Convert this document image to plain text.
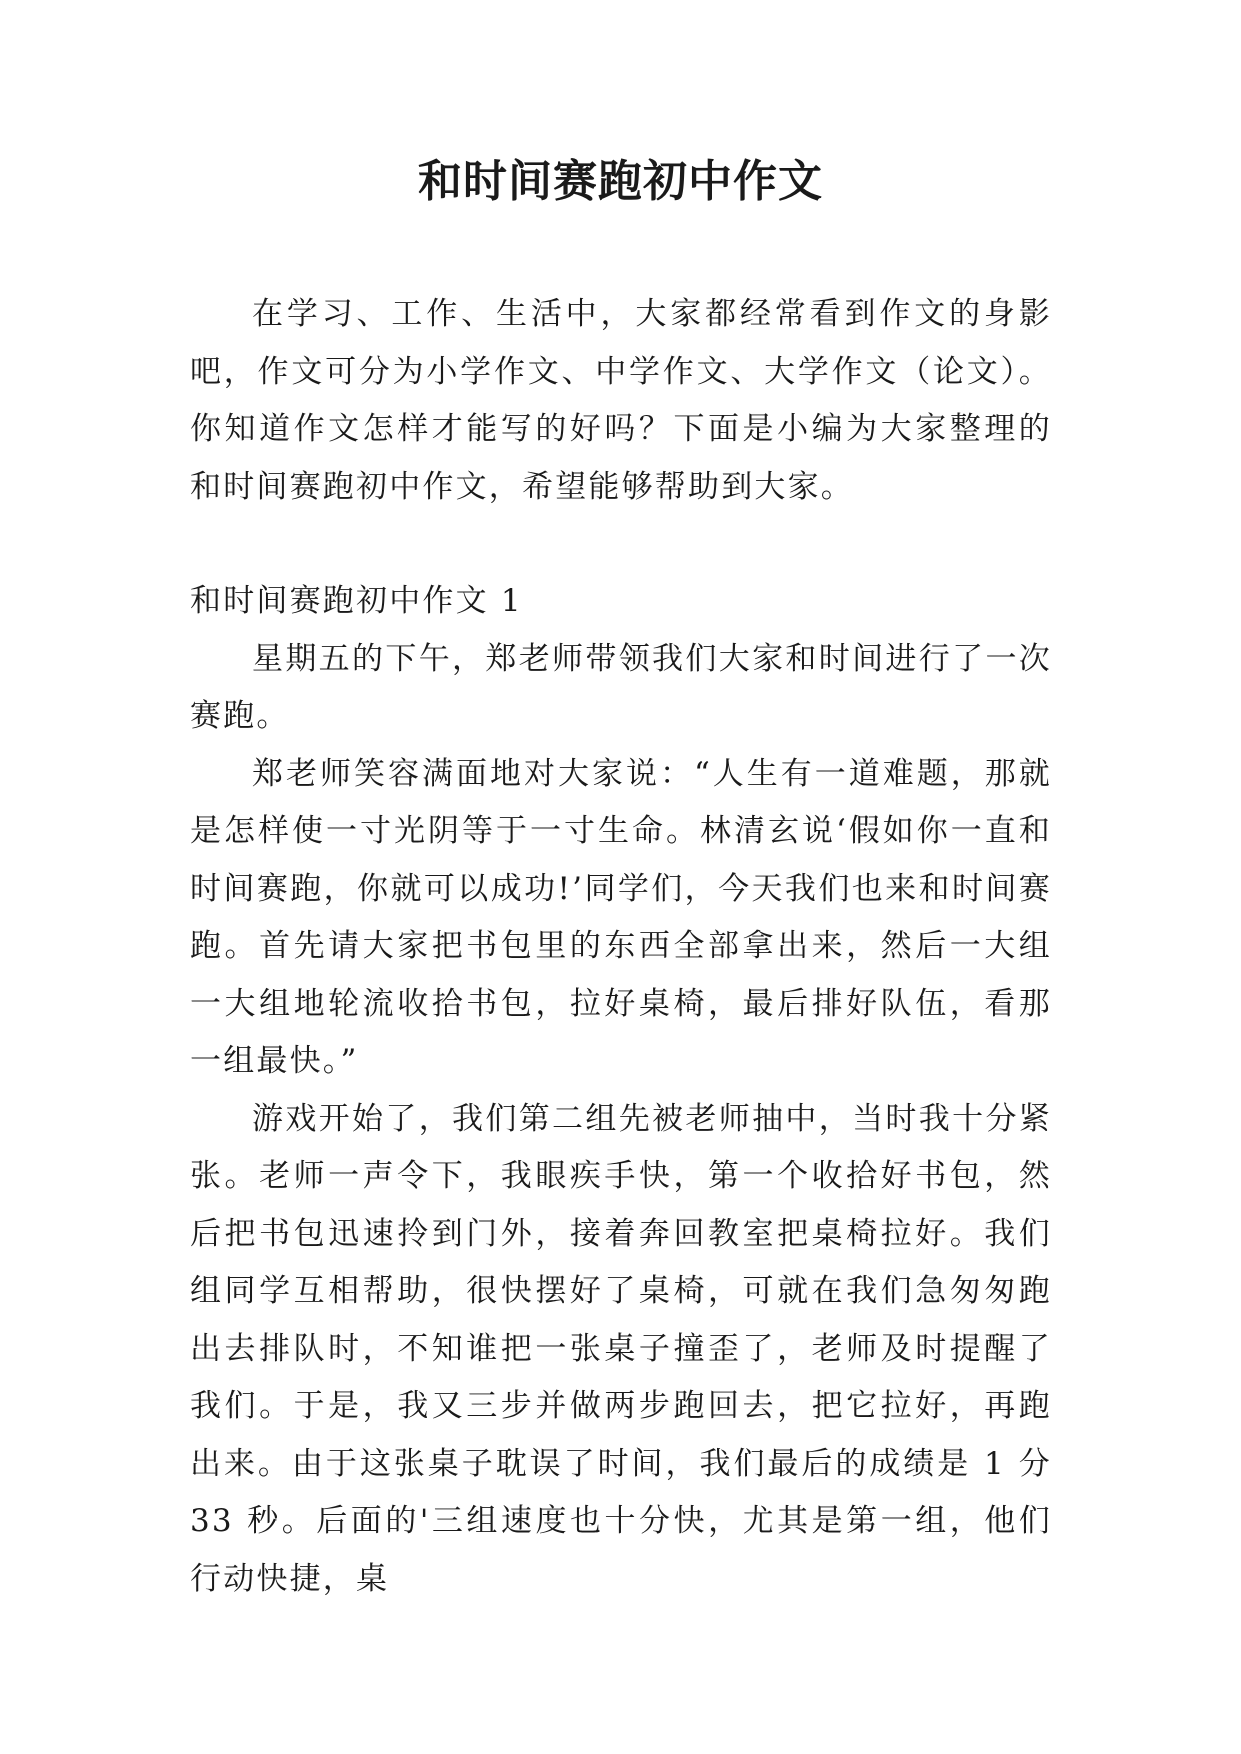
和时间赛跑初中作文

在学习、工作、生活中，大家都经常看到作文的身影吧，作文可分为小学作文、中学作文、大学作文（论文）。你知道作文怎样才能写的好吗？下面是小编为大家整理的和时间赛跑初中作文，希望能够帮助到大家。

和时间赛跑初中作文 1

星期五的下午，郑老师带领我们大家和时间进行了一次赛跑。

郑老师笑容满面地对大家说：“人生有一道难题，那就是怎样使一寸光阴等于一寸生命。林清玄说‘假如你一直和时间赛跑，你就可以成功!’同学们，今天我们也来和时间赛跑。首先请大家把书包里的东西全部拿出来，然后一大组一大组地轮流收拾书包，拉好桌椅，最后排好队伍，看那一组最快。”

游戏开始了，我们第二组先被老师抽中，当时我十分紧张。老师一声令下，我眼疾手快，第一个收拾好书包，然后把书包迅速拎到门外，接着奔回教室把桌椅拉好。我们组同学互相帮助，很快摆好了桌椅，可就在我们急匆匆跑出去排队时，不知谁把一张桌子撞歪了，老师及时提醒了我们。于是，我又三步并做两步跑回去，把它拉好，再跑出来。由于这张桌子耽误了时间，我们最后的成绩是 1 分 33 秒。后面的'三组速度也十分快，尤其是第一组，他们行动快捷，桌
